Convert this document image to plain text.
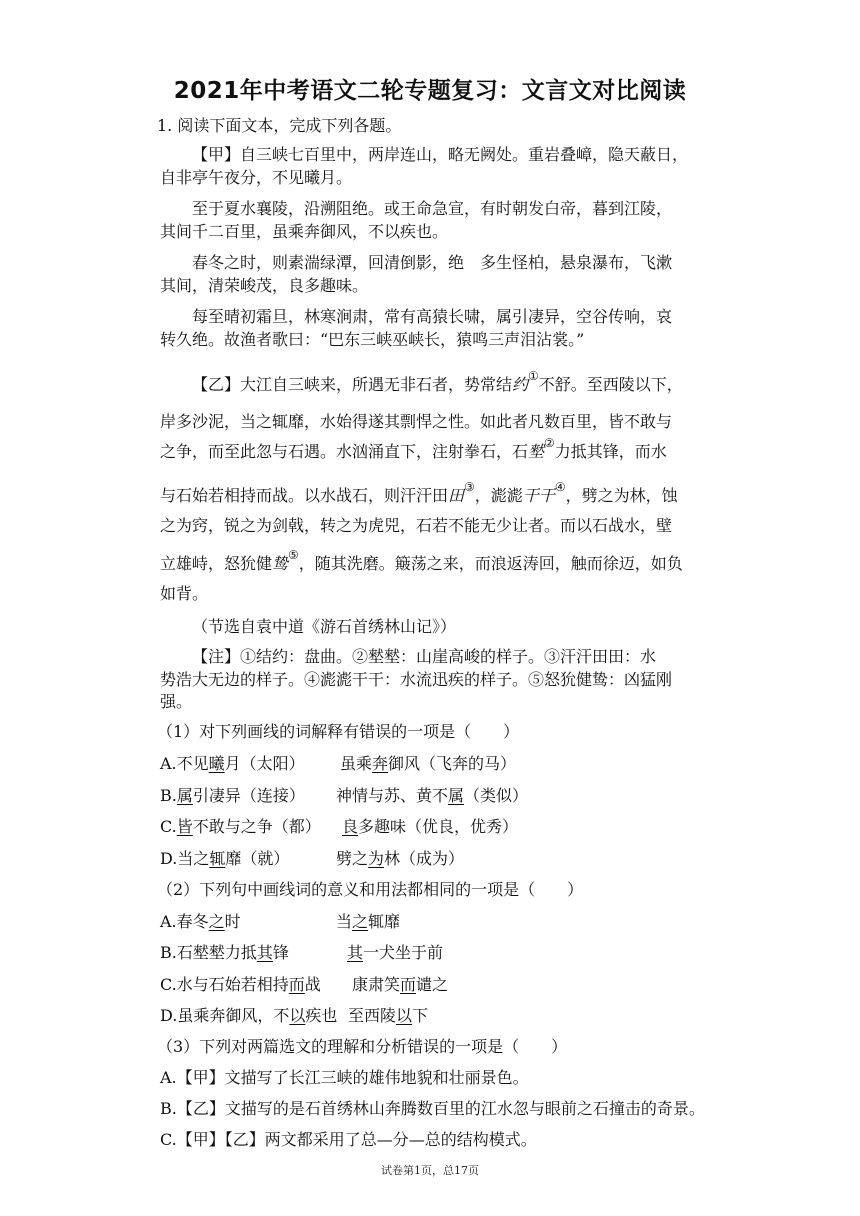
2021年中考语文二轮专题复习：文言文对比阅读
1. 阅读下面文本，完成下列各题。
【甲】自三峡七百里中，两岸连山，略无阙处。重岩叠嶂，隐天蔽日，
自非亭午夜分，不见曦月。
至于夏水襄陵，沿溯阻绝。或王命急宣，有时朝发白帝，暮到江陵，
其间千二百里，虽乘奔御风，不以疾也。
春冬之时，则素湍绿潭，回清倒影，绝　多生怪柏，悬泉瀑布，飞漱
其间，清荣峻茂，良多趣味。
每至晴初霜旦，林寒涧肃，常有高猿长啸，属引凄异，空谷传响，哀
转久绝。故渔者歌曰：“巴东三峡巫峡长，猿鸣三声泪沾裳。”
【乙】大江自三峡来，所遇无非石者，势常结约①不舒。至西陵以下，
岸多沙泥，当之辄靡，水始得遂其剽悍之性。如此者凡数百里，皆不敢与
之争，而至此忽与石遇。水汹涌直下，注射拳石，石㙬②力抵其锋，而水
与石始若相持而战。以水战石，则汗汗田田③，滮滮干干④，劈之为林，蚀
之为窍，锐之为剑戟，转之为虎兕，石若不能无少让者。而以石战水，壁
立雄峙，怒狁健鸷⑤，随其洗磨。簸荡之来，而浪返涛回，触而徐迈，如负
如背。
（节选自袁中道《游石首绣林山记》）
【注】①结约：盘曲。②㙬㙬：山崖高峻的样子。③汗汗田田：水
势浩大无边的样子。④滮滮干干：水流迅疾的样子。⑤怒狁健鸷：凶猛刚
强。
（1）对下列画线的词解释有错误的一项是（　　）
A.不见曦月（太阳） 虽乘奔御风（飞奔的马）
B.属引凄异（连接） 神情与苏、黄不属（类似）
C.皆不敢与之争（都） 良多趣味（优良，优秀）
D.当之辄靡（就）	劈之为林（成为）
（2）下列句中画线词的意义和用法都相同的一项是（　　）
A.春冬之时	当之辄靡
B.石㙬㙬力抵其锋	其一犬坐于前
C.水与石始若相持而战 康肃笑而谴之
D.虽乘奔御风，不以疾也 至西陵以下
（3）下列对两篇选文的理解和分析错误的一项是（　　）
A.【甲】文描写了长江三峡的雄伟地貌和壮丽景色。
B.【乙】文描写的是石首绣林山奔腾数百里的江水忽与眼前之石撞击的奇景。
C.【甲】【乙】两文都采用了总—分—总的结构模式。
试卷第1页，总17页
